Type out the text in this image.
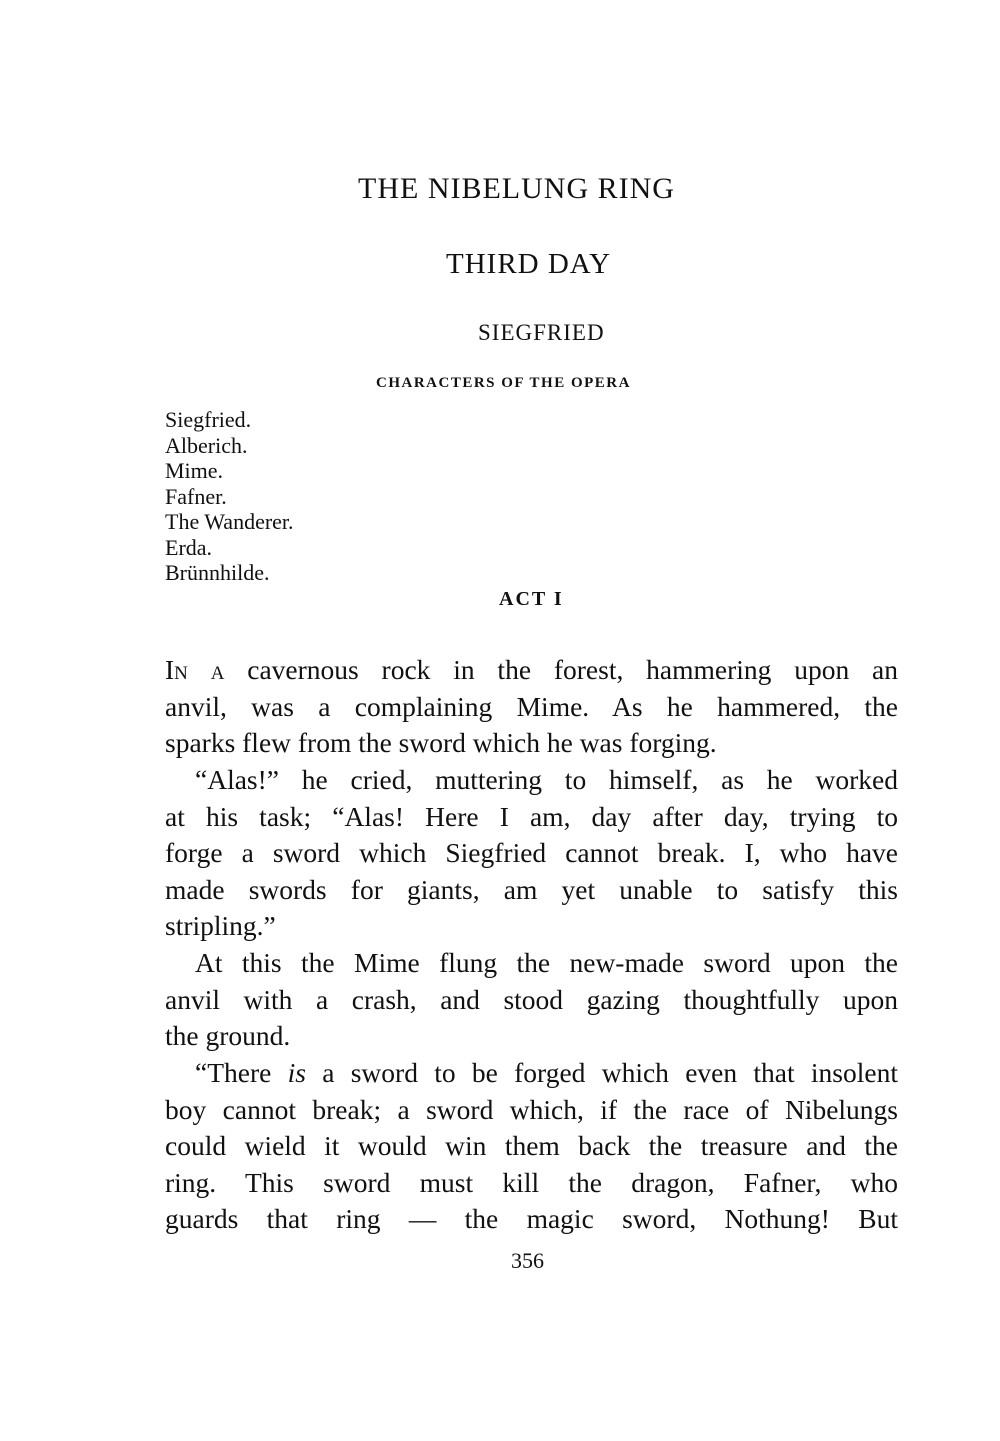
THE NIBELUNG RING
THIRD DAY
SIEGFRIED
CHARACTERS OF THE OPERA
Siegfried.
Alberich.
Mime.
Fafner.
The Wanderer.
Erda.
Brünnhilde.
ACT I
In a cavernous rock in the forest, hammering upon an
anvil, was a complaining Mime. As he hammered, the
sparks flew from the sword which he was forging.
“Alas!” he cried, muttering to himself, as he worked
at his task; “Alas! Here I am, day after day, trying to
forge a sword which Siegfried cannot break. I, who have
made swords for giants, am yet unable to satisfy this
stripling.”
At this the Mime flung the new-made sword upon the
anvil with a crash, and stood gazing thoughtfully upon
the ground.
“There is a sword to be forged which even that insolent
boy cannot break; a sword which, if the race of Nibelungs
could wield it would win them back the treasure and the
ring. This sword must kill the dragon, Fafner, who
guards that ring — the magic sword, Nothung! But
356
